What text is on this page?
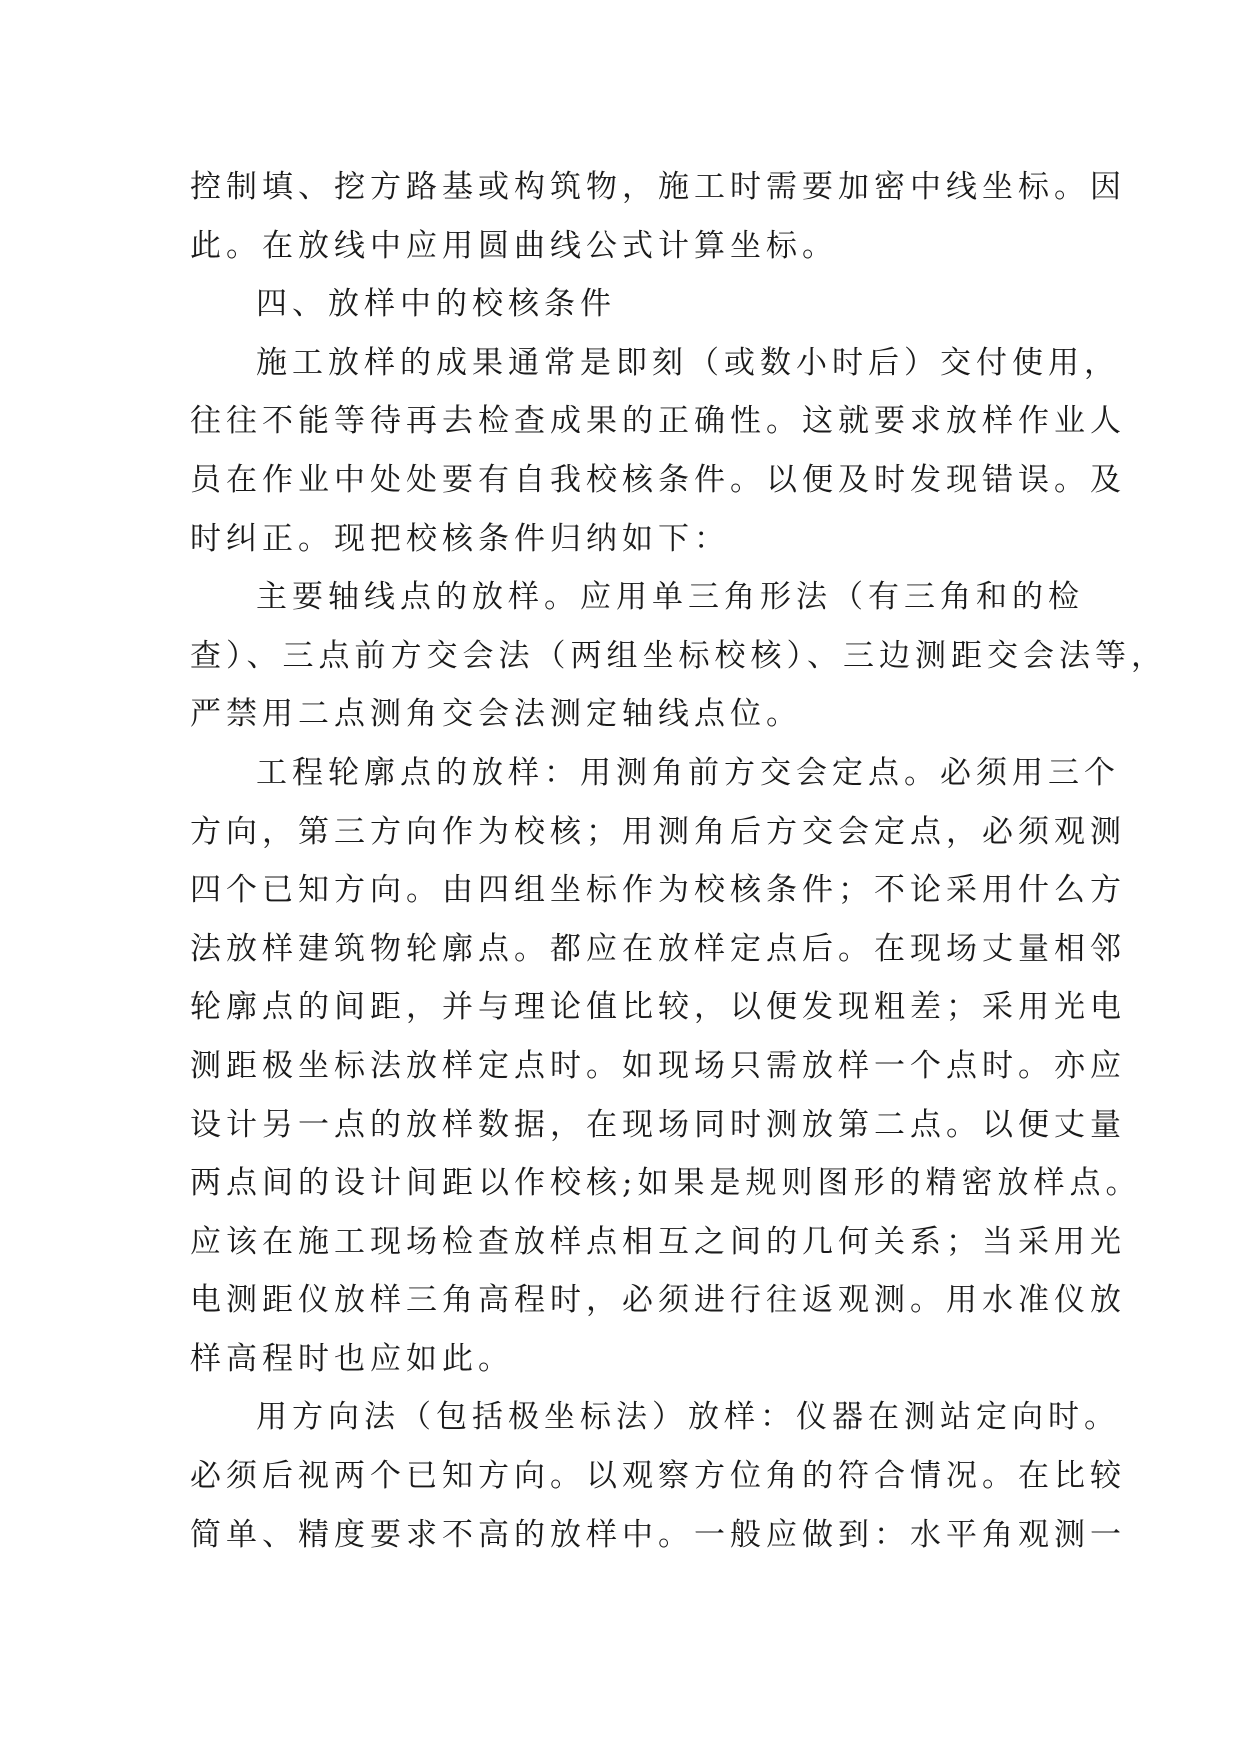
控制填、挖方路基或构筑物，施工时需要加密中线坐标。因
此。在放线中应用圆曲线公式计算坐标。
四、放样中的校核条件
施工放样的成果通常是即刻（或数小时后）交付使用，
往往不能等待再去检查成果的正确性。这就要求放样作业人
员在作业中处处要有自我校核条件。以便及时发现错误。及
时纠正。现把校核条件归纳如下：
主要轴线点的放样。应用单三角形法（有三角和的检
查）、三点前方交会法（两组坐标校核）、三边测距交会法等，
严禁用二点测角交会法测定轴线点位。
工程轮廓点的放样：用测角前方交会定点。必须用三个
方向，第三方向作为校核；用测角后方交会定点，必须观测
四个已知方向。由四组坐标作为校核条件；不论采用什么方
法放样建筑物轮廓点。都应在放样定点后。在现场丈量相邻
轮廓点的间距，并与理论值比较，以便发现粗差；采用光电
测距极坐标法放样定点时。如现场只需放样一个点时。亦应
设计另一点的放样数据，在现场同时测放第二点。以便丈量
两点间的设计间距以作校核;如果是规则图形的精密放样点。
应该在施工现场检查放样点相互之间的几何关系；当采用光
电测距仪放样三角高程时，必须进行往返观测。用水准仪放
样高程时也应如此。
用方向法（包括极坐标法）放样：仪器在测站定向时。
必须后视两个已知方向。以观察方位角的符合情况。在比较
简单、精度要求不高的放样中。一般应做到：水平角观测一
